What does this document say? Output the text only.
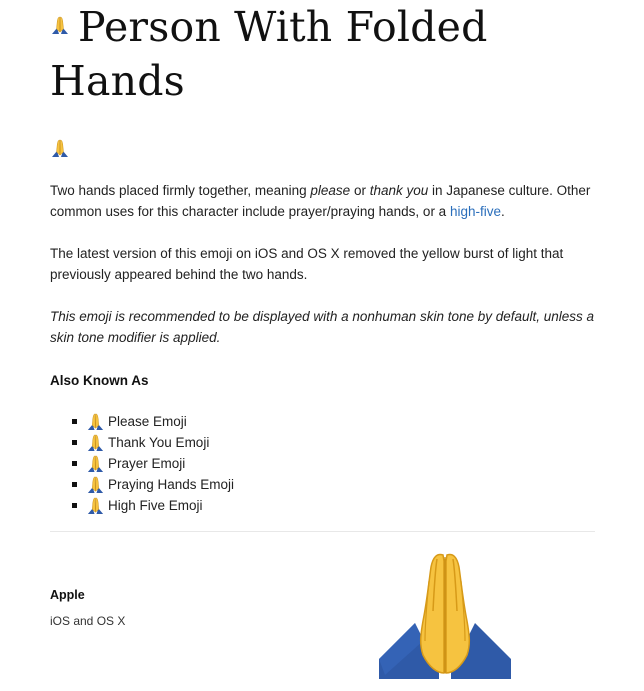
Person With Folded Hands

Two hands placed firmly together, meaning please or thank you in Japanese culture. Other common uses for this character include prayer/praying hands, or a high-five.

The latest version of this emoji on iOS and OS X removed the yellow burst of light that previously appeared behind the two hands.

This emoji is recommended to be displayed with a nonhuman skin tone by default, unless a skin tone modifier is applied.

Also Known As
Please Emoji
Thank You Emoji
Prayer Emoji
Praying Hands Emoji
High Five Emoji
Apple
iOS and OS X
